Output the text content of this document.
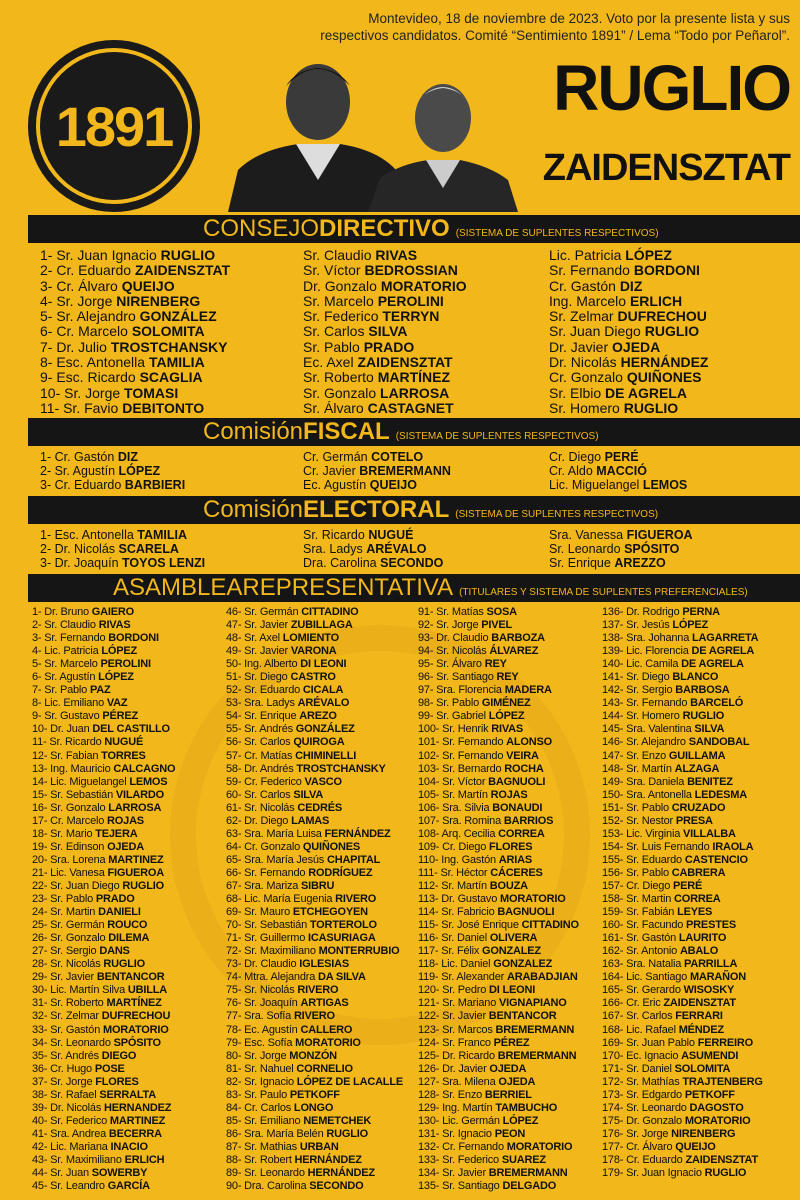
1891
Montevideo, 18 de noviembre de 2023. Voto por la presente lista y sus
respectivos candidatos. Comité “Sentimiento 1891” / Lema “Todo por Peñarol”.
RUGLIO
ZAIDENSZTAT
CONSEJO DIRECTIVO (SISTEMA DE SUPLENTES RESPECTIVOS)
1- Sr. Juan Ignacio RUGLIO
2- Cr. Eduardo ZAIDENSZTAT
3- Cr. Álvaro QUEIJO
4- Sr. Jorge NIRENBERG
5- Sr. Alejandro GONZÁLEZ
6- Cr. Marcelo SOLOMITA
7- Dr. Julio TROSTCHANSKY
8- Esc. Antonella TAMILIA
9- Esc. Ricardo SCAGLIA
10- Sr. Jorge TOMASI
11- Sr. Favio DEBITONTO
Sr. Claudio RIVAS
Sr. Víctor BEDROSSIAN
Dr. Gonzalo MORATORIO
Sr. Marcelo PEROLINI
Sr. Federico TERRYN
Sr. Carlos SILVA
Sr. Pablo PRADO
Ec. Axel ZAIDENSZTAT
Sr. Roberto MARTÍNEZ
Sr. Gonzalo LARROSA
Sr. Álvaro CASTAGNET
Lic. Patricia LÓPEZ
Sr. Fernando BORDONI
Cr. Gastón DIZ
Ing. Marcelo ERLICH
Sr. Zelmar DUFRECHOU
Sr. Juan Diego RUGLIO
Dr. Javier OJEDA
Dr. Nicolás HERNÁNDEZ
Cr. Gonzalo QUIÑONES
Sr. Elbio DE AGRELA
Sr. Homero RUGLIO
Comisión FISCAL (SISTEMA DE SUPLENTES RESPECTIVOS)
1- Cr. Gastón DIZ
2- Sr. Agustín LÓPEZ
3- Cr. Eduardo BARBIERI
Cr. Germán COTELO
Cr. Javier BREMERMANN
Ec. Agustín QUEIJO
Cr. Diego PERÉ
Cr. Aldo MACCIÓ
Lic. Miguelangel LEMOS
Comisión ELECTORAL (SISTEMA DE SUPLENTES RESPECTIVOS)
1- Esc. Antonella TAMILIA
2- Dr. Nicolás SCARELA
3- Dr. Joaquín TOYOS LENZI
Sr. Ricardo NUGUÉ
Sra. Ladys ARÉVALO
Dra. Carolina SECONDO
Sra. Vanessa FIGUEROA
Sr. Leonardo SPÓSITO
Sr. Enrique AREZZO
ASAMBLEA REPRESENTATIVA (TITULARES Y SISTEMA DE SUPLENTES PREFERENCIALES)
1- Dr. Bruno GAIERO
2- Sr. Claudio RIVAS
3- Sr. Fernando BORDONI
4- Lic. Patricia LÓPEZ
5- Sr. Marcelo PEROLINI
6- Sr. Agustín LÓPEZ
7- Sr. Pablo PAZ
8- Lic. Emiliano VAZ
9- Sr. Gustavo PÉREZ
10- Dr. Juan DEL CASTILLO
11- Sr. Ricardo NUGUÉ
12- Sr. Fabian TORRES
13- Ing. Mauricio CALCAGNO
14- Lic. Miguelangel LEMOS
15- Sr. Sebastián VILARDO
16- Sr. Gonzalo LARROSA
17- Cr. Marcelo ROJAS
18- Sr. Mario TEJERA
19- Sr. Edinson OJEDA
20- Sra. Lorena MARTINEZ
21- Lic. Vanesa FIGUEROA
22- Sr. Juan Diego RUGLIO
23- Sr. Pablo PRADO
24- Sr. Martin DANIELI
25- Sr. Germán ROUCO
26- Sr. Gonzalo DILEMA
27- Sr. Sergio DANS
28- Sr. Nicolás RUGLIO
29- Sr. Javier BENTANCOR
30- Lic. Martín Silva UBILLA
31- Sr. Roberto MARTÍNEZ
32- Sr. Zelmar DUFRECHOU
33- Sr. Gastón MORATORIO
34- Sr. Leonardo SPÓSITO
35- Sr. Andrés DIEGO
36- Cr. Hugo POSE
37- Sr. Jorge FLORES
38- Sr. Rafael SERRALTA
39- Dr. Nicolás HERNANDEZ
40- Sr. Federico MARTINEZ
41- Sra. Andrea BECERRA
42- Lic. Mariana INACIO
43- Sr. Maximiliano ERLICH
44- Sr. Juan SOWERBY
45- Sr. Leandro GARCÍA
46- Sr. Germán CITTADINO
47- Sr. Javier ZUBILLAGA
48- Sr. Axel LOMIENTO
49- Sr. Javier VARONA
50- Ing. Alberto DI LEONI
51- Sr. Diego CASTRO
52- Sr. Eduardo CICALA
53- Sra. Ladys ARÉVALO
54- Sr. Enrique AREZO
55- Sr. Andrés GONZÁLEZ
56- Sr. Carlos QUIROGA
57- Cr. Matías CHIMINELLI
58- Dr. Andrés TROSTCHANSKY
59- Cr. Federico VASCO
60- Sr. Carlos SILVA
61- Sr. Nicolás CEDRÉS
62- Dr. Diego LAMAS
63- Sra. María Luisa FERNÁNDEZ
64- Cr. Gonzalo QUIÑONES
65- Sra. María Jesús CHAPITAL
66- Sr. Fernando RODRÍGUEZ
67- Sra. Mariza SIBRU
68- Lic. María Eugenia RIVERO
69- Sr. Mauro ETCHEGOYEN
70- Sr. Sebastián TORTEROLO
71- Sr. Guillermo ICASURIAGA
72- Sr. Maximiliano MONTERRUBIO
73- Dr. Claudio IGLESIAS
74- Mtra. Alejandra DA SILVA
75- Sr. Nicolás RIVERO
76- Sr. Joaquín ARTIGAS
77- Sra. Sofía RIVERO
78- Ec. Agustín CALLERO
79- Esc. Sofía MORATORIO
80- Sr. Jorge MONZÓN
81- Sr. Nahuel CORNELIO
82- Sr. Ignacio LÓPEZ DE LACALLE
83- Sr. Paulo PETKOFF
84- Cr. Carlos LONGO
85- Sr. Emiliano NEMETCHEK
86- Sra. María Belén RUGLIO
87- Sr. Mathias URBAN
88- Sr. Robert HERNÁNDEZ
89- Sr. Leonardo HERNÁNDEZ
90- Dra. Carolina SECONDO
91- Sr. Matías SOSA
92- Sr. Jorge PIVEL
93- Dr. Claudio BARBOZA
94- Sr. Nicolás ÁLVAREZ
95- Sr. Álvaro REY
96- Sr. Santiago REY
97- Sra. Florencia MADERA
98- Sr. Pablo GIMÉNEZ
99- Sr. Gabriel LÓPEZ
100- Sr. Henrik RIVAS
101- Sr. Fernando ALONSO
102- Sr. Fernando VEIRA
103- Sr. Bernardo ROCHA
104- Sr. Víctor BAGNUOLI
105- Sr. Martín ROJAS
106- Sra. Silvia BONAUDI
107- Sra. Romina BARRIOS
108- Arq. Cecilia CORREA
109- Cr. Diego FLORES
110- Ing. Gastón ARIAS
111- Sr. Héctor CÁCERES
112- Sr. Martín BOUZA
113- Dr. Gustavo MORATORIO
114- Sr. Fabricio BAGNUOLI
115- Sr. José Enrique CITTADINO
116- Sr. Daniel OLIVERA
117- Sr. Félix GONZALEZ
118- Lic. Daniel GONZALEZ
119- Sr. Alexander ARABADJIAN
120- Sr. Pedro DI LEONI
121- Sr. Mariano VIGNAPIANO
122- Sr. Javier BENTANCOR
123- Sr. Marcos BREMERMANN
124- Sr. Franco PÉREZ
125- Dr. Ricardo BREMERMANN
126- Dr. Javier OJEDA
127- Sra. Milena OJEDA
128- Sr. Enzo BERRIEL
129- Ing. Martín TAMBUCHO
130- Lic. Germán LÓPEZ
131- Sr. Ignacio PEON
132- Cr. Fernando MORATORIO
133- Sr. Federico SUAREZ
134- Sr. Javier BREMERMANN
135- Sr. Santiago DELGADO
136- Dr. Rodrigo PERNA
137- Sr. Jesús LÓPEZ
138- Sra. Johanna LAGARRETA
139- Lic. Florencia DE AGRELA
140- Lic. Camila DE AGRELA
141- Sr. Diego BLANCO
142- Sr. Sergio BARBOSA
143- Sr. Fernando BARCELÓ
144- Sr. Homero RUGLIO
145- Sra. Valentina SILVA
146- Sr. Alejandro SANDOBAL
147- Sr. Enzo GUILLAMA
148- Sr. Martín ALZAGA
149- Sra. Daniela BENITEZ
150- Sra. Antonella LEDESMA
151- Sr. Pablo CRUZADO
152- Sr. Nestor PRESA
153- Lic. Virginia VILLALBA
154- Sr. Luis Fernando IRAOLA
155- Sr. Eduardo CASTENCIO
156- Sr. Pablo CABRERA
157- Cr. Diego PERÉ
158- Sr. Martin CORREA
159- Sr. Fabián LEYES
160- Sr. Facundo PRESTES
161- Sr. Gastón LAURITO
162- Sr. Antonio ABALO
163- Sra. Natalia PARRILLA
164- Lic. Santiago MARAÑON
165- Sr. Gerardo WISOSKY
166- Cr. Eric ZAIDENSZTAT
167- Sr. Carlos FERRARI
168- Lic. Rafael MÉNDEZ
169- Sr. Juan Pablo FERREIRO
170- Ec. Ignacio ASUMENDI
171- Sr. Daniel SOLOMITA
172- Sr. Mathías TRAJTENBERG
173- Sr. Edgardo PETKOFF
174- Sr. Leonardo DAGOSTO
175- Dr. Gonzalo MORATORIO
176- Sr. Jorge NIRENBERG
177- Cr. Álvaro QUEIJO
178- Cr. Eduardo ZAIDENSZTAT
179- Sr. Juan Ignacio RUGLIO
